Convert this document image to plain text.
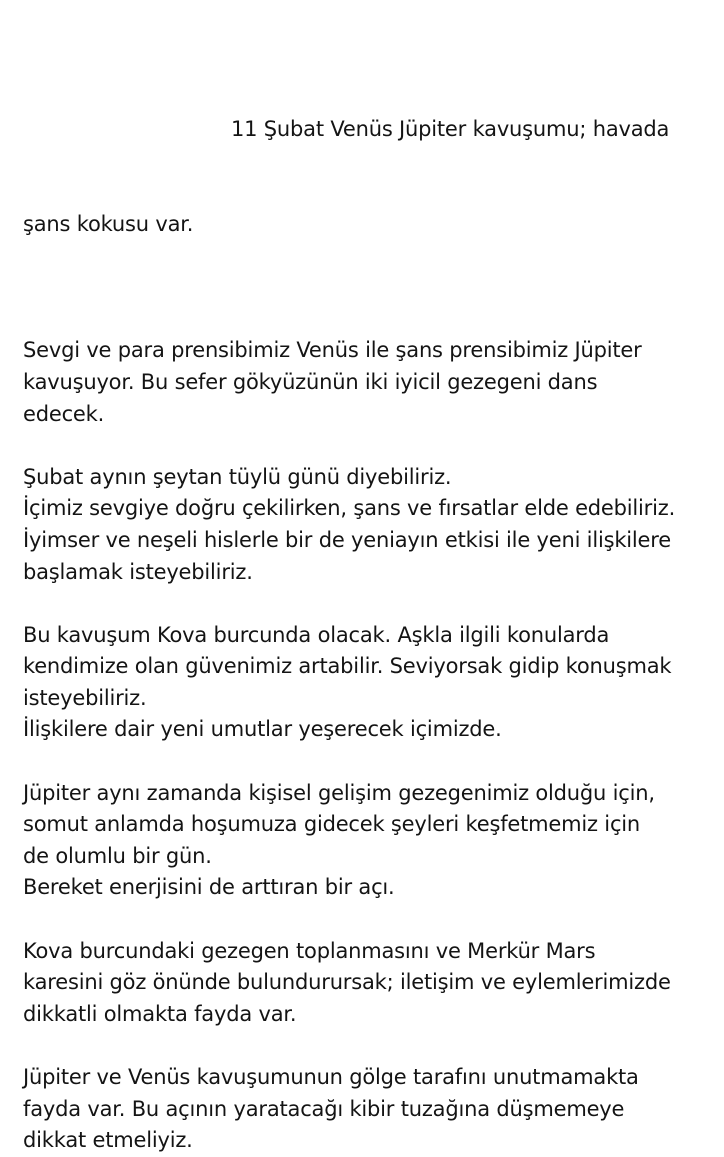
11 Şubat Venüs Jüpiter kavuşumu; havada

şans kokusu var.

Sevgi ve para prensibimiz Venüs ile şans prensibimiz Jüpiter
kavuşuyor. Bu sefer gökyüzünün iki iyicil gezegeni dans
edecek.

Şubat aynın şeytan tüylü günü diyebiliriz.
İçimiz sevgiye doğru çekilirken, şans ve fırsatlar elde edebiliriz.
İyimser ve neşeli hislerle bir de yeniayın etkisi ile yeni ilişkilere
başlamak isteyebiliriz.

Bu kavuşum Kova burcunda olacak. Aşkla ilgili konularda
kendimize olan güvenimiz artabilir. Seviyorsak gidip konuşmak
isteyebiliriz.
İlişkilere dair yeni umutlar yeşerecek içimizde.

Jüpiter aynı zamanda kişisel gelişim gezegenimiz olduğu için,
somut anlamda hoşumuza gidecek şeyleri keşfetmemiz için
de olumlu bir gün.
Bereket enerjisini de arttıran bir açı.

Kova burcundaki gezegen toplanmasını ve Merkür Mars
karesini göz önünde bulundurursak; iletişim ve eylemlerimizde
dikkatli olmakta fayda var.

Jüpiter ve Venüs kavuşumunun gölge tarafını unutmamakta
fayda var. Bu açının yaratacağı kibir tuzağına düşmemeye
dikkat etmeliyiz.
